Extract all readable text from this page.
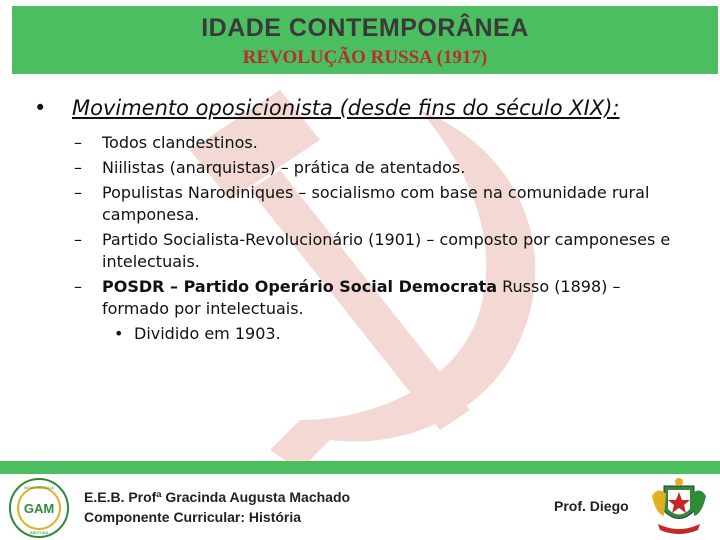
IDADE CONTEMPORÂNEA
REVOLUÇÃO RUSSA (1917)
• Movimento oposicionista (desde fins do século XIX):
– Todos clandestinos.
– Niilistas (anarquistas) – prática de atentados.
– Populistas Narodiniques – socialismo com base na comunidade rural camponesa.
– Partido Socialista-Revolucionário (1901) – composto por camponeses e intelectuais.
– POSDR – Partido Operário Social Democrata Russo (1898) – formado por intelectuais.
• Dividido em 1903.
GAM
NOVA BRASILIA
IMBITUBA
E.E.B. Profª Gracinda Augusta Machado
Componente Curricular: História
Prof. Diego
